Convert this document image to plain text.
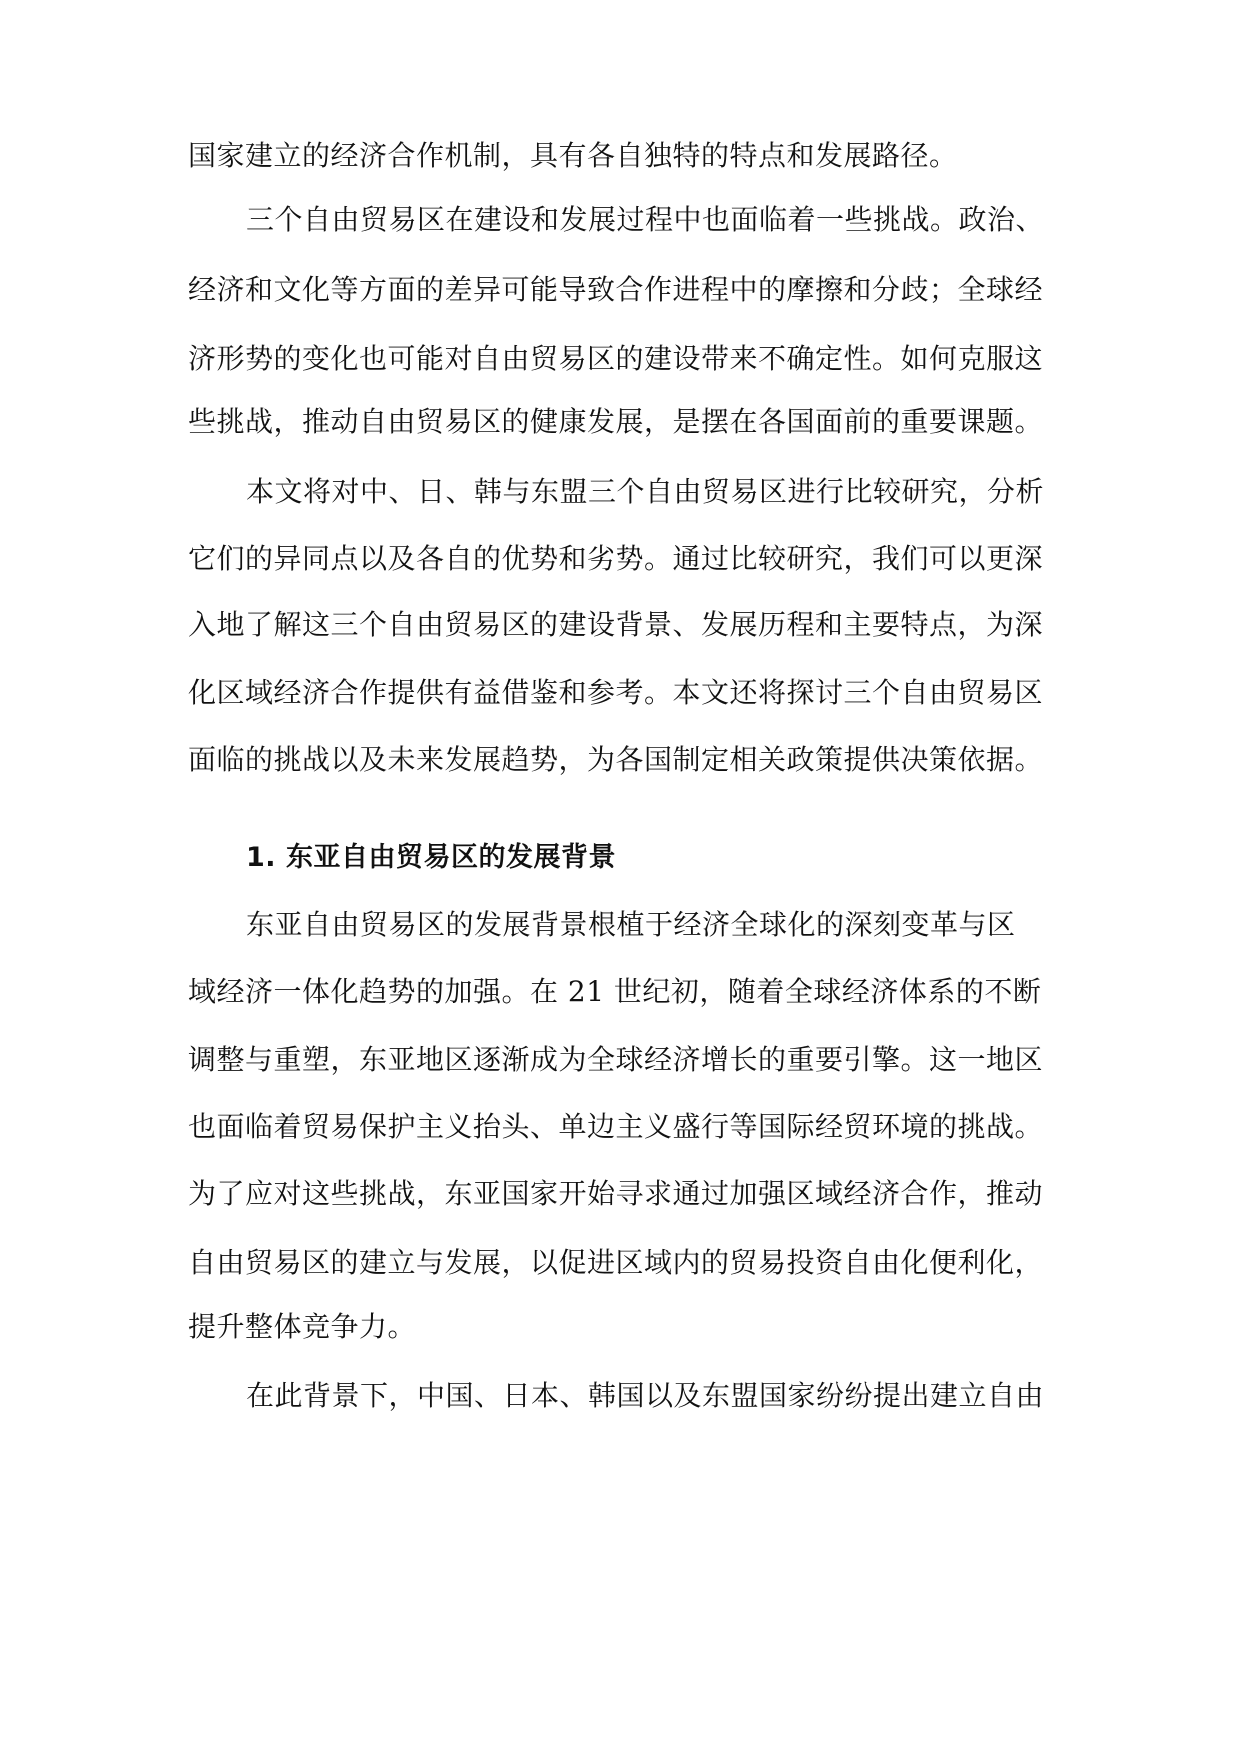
国家建立的经济合作机制，具有各自独特的特点和发展路径。
三个自由贸易区在建设和发展过程中也面临着一些挑战。政治、
经济和文化等方面的差异可能导致合作进程中的摩擦和分歧；全球经
济形势的变化也可能对自由贸易区的建设带来不确定性。如何克服这
些挑战，推动自由贸易区的健康发展，是摆在各国面前的重要课题。
本文将对中、日、韩与东盟三个自由贸易区进行比较研究，分析
它们的异同点以及各自的优势和劣势。通过比较研究，我们可以更深
入地了解这三个自由贸易区的建设背景、发展历程和主要特点，为深
化区域经济合作提供有益借鉴和参考。本文还将探讨三个自由贸易区
面临的挑战以及未来发展趋势，为各国制定相关政策提供决策依据。
1. 东亚自由贸易区的发展背景
东亚自由贸易区的发展背景根植于经济全球化的深刻变革与区
域经济一体化趋势的加强。在 21 世纪初，随着全球经济体系的不断
调整与重塑，东亚地区逐渐成为全球经济增长的重要引擎。这一地区
也面临着贸易保护主义抬头、单边主义盛行等国际经贸环境的挑战。
为了应对这些挑战，东亚国家开始寻求通过加强区域经济合作，推动
自由贸易区的建立与发展，以促进区域内的贸易投资自由化便利化，
提升整体竞争力。
在此背景下，中国、日本、韩国以及东盟国家纷纷提出建立自由
